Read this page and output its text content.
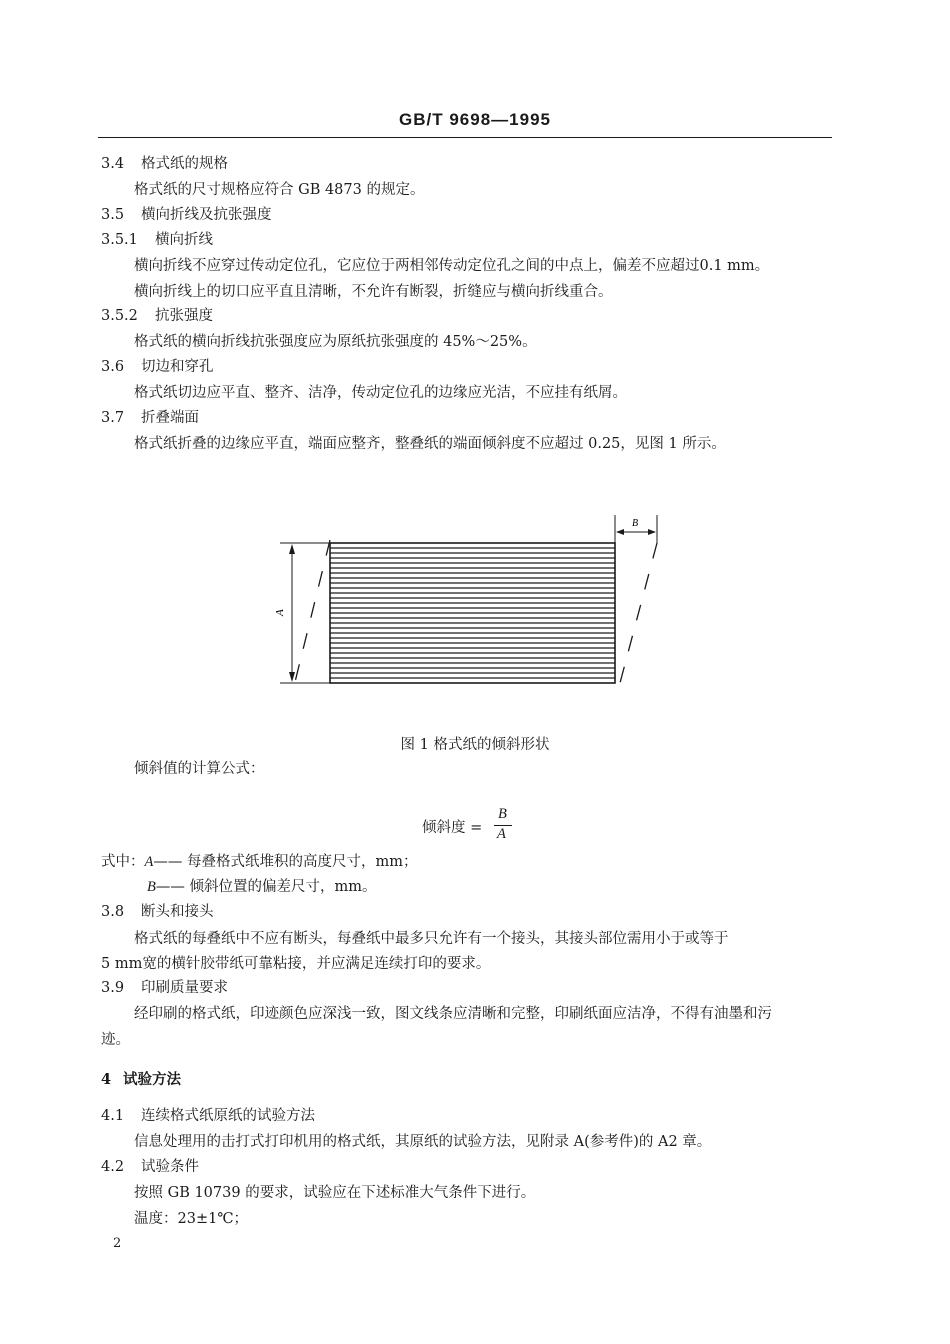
GB/T 9698—1995
3.4 格式纸的规格
格式纸的尺寸规格应符合 GB 4873 的规定。
3.5 横向折线及抗张强度
3.5.1 横向折线
横向折线不应穿过传动定位孔，它应位于两相邻传动定位孔之间的中点上，偏差不应超过0.1 mm。
横向折线上的切口应平直且清晰，不允许有断裂，折缝应与横向折线重合。
3.5.2 抗张强度
格式纸的横向折线抗张强度应为原纸抗张强度的 45%～25%。
3.6 切边和穿孔
格式纸切边应平直、整齐、洁净，传动定位孔的边缘应光洁，不应挂有纸屑。
3.7 折叠端面
格式纸折叠的边缘应平直，端面应整齐，整叠纸的端面倾斜度不应超过 0.25，见图 1 所示。
A
B
图 1 格式纸的倾斜形状
倾斜值的计算公式：
倾斜度 =
B
A
式中：A—— 每叠格式纸堆积的高度尺寸，mm；
B—— 倾斜位置的偏差尺寸，mm。
3.8 断头和接头
格式纸的每叠纸中不应有断头，每叠纸中最多只允许有一个接头，其接头部位需用小于或等于
5 mm宽的横针胶带纸可靠粘接，并应满足连续打印的要求。
3.9 印刷质量要求
经印刷的格式纸，印迹颜色应深浅一致，图文线条应清晰和完整，印刷纸面应洁净，不得有油墨和污
迹。
4 试验方法
4.1 连续格式纸原纸的试验方法
信息处理用的击打式打印机用的格式纸，其原纸的试验方法，见附录 A(参考件)的 A2 章。
4.2 试验条件
按照 GB 10739 的要求，试验应在下述标准大气条件下进行。
温度：23±1℃；
2
